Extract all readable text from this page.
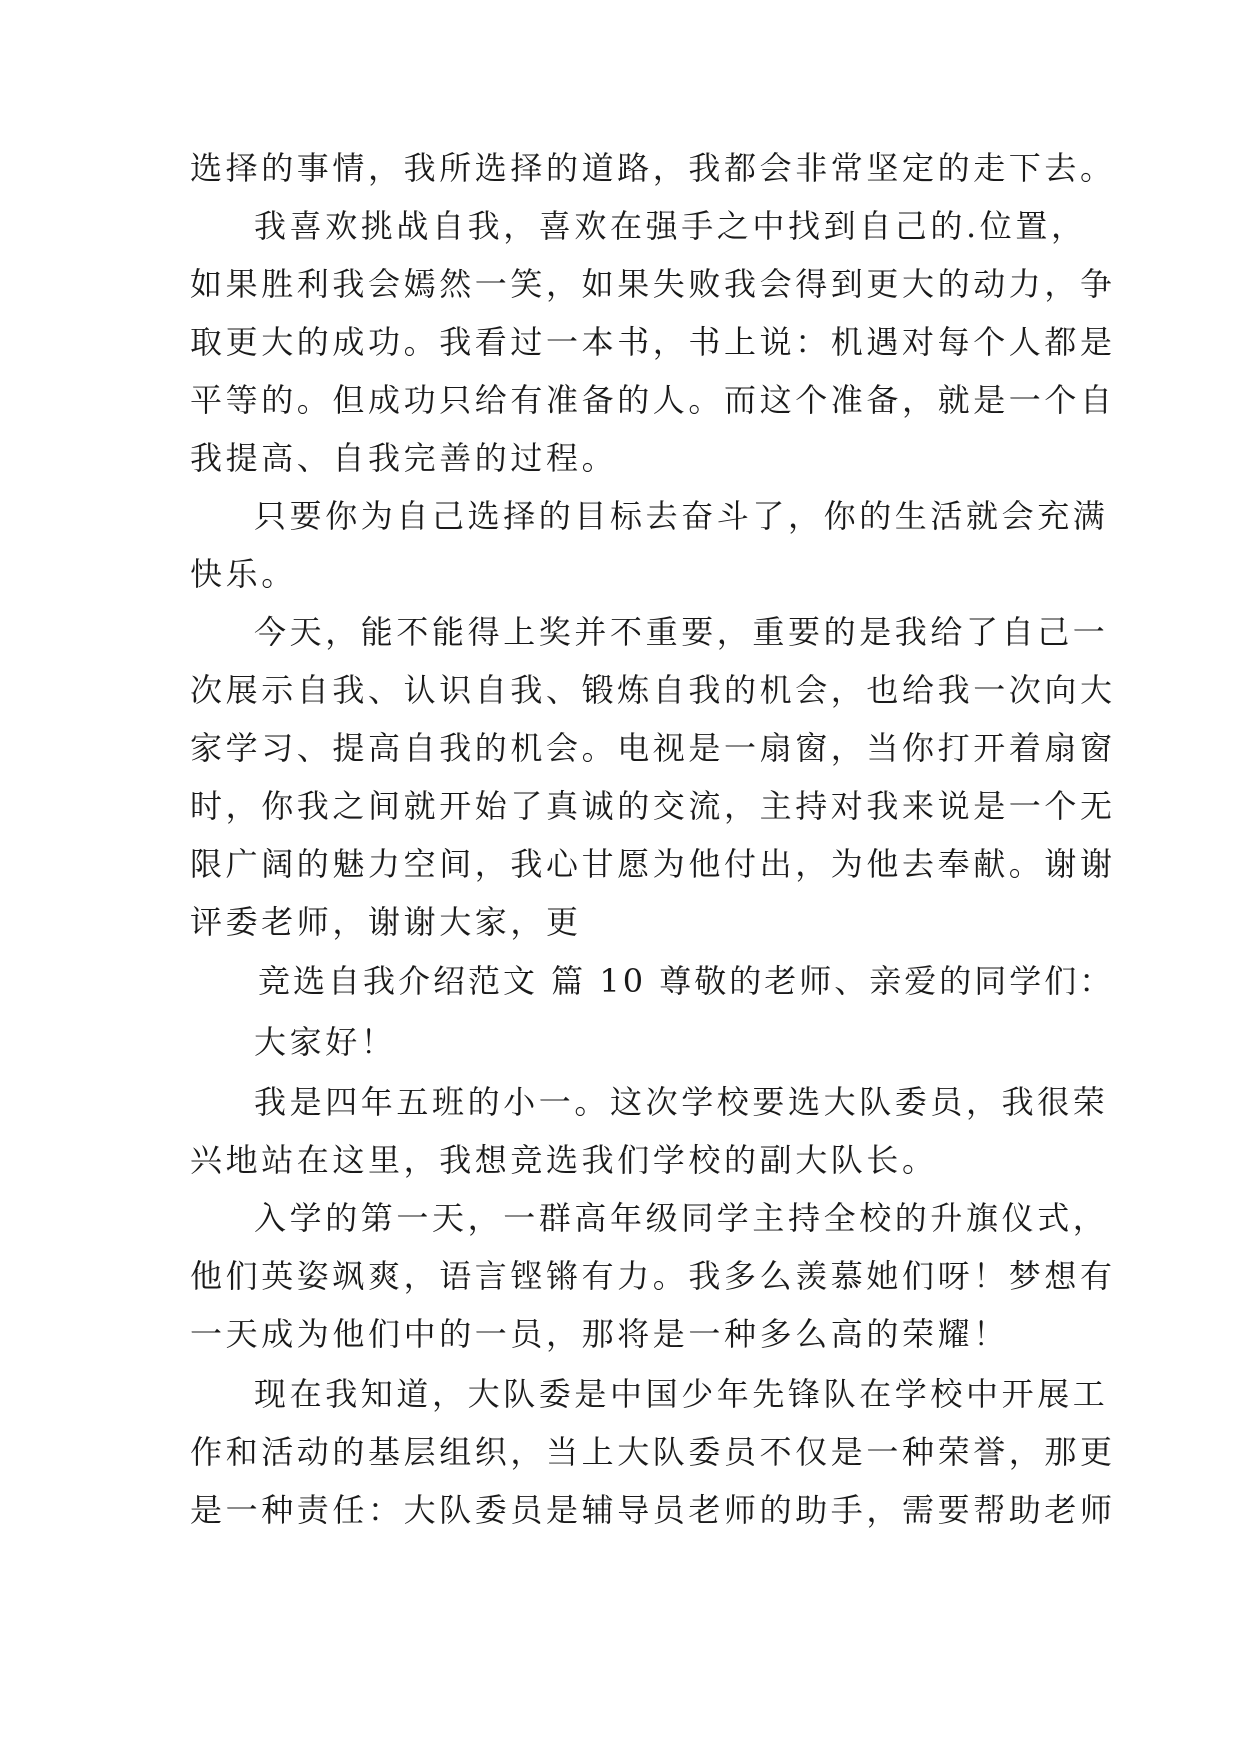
选择的事情，我所选择的道路，我都会非常坚定的走下去。

我喜欢挑战自我，喜欢在强手之中找到自己的.位置，

如果胜利我会嫣然一笑，如果失败我会得到更大的动力，争

取更大的成功。我看过一本书，书上说：机遇对每个人都是

平等的。但成功只给有准备的人。而这个准备，就是一个自

我提高、自我完善的过程。

只要你为自己选择的目标去奋斗了，你的生活就会充满

快乐。

今天，能不能得上奖并不重要，重要的是我给了自己一

次展示自我、认识自我、锻炼自我的机会，也给我一次向大

家学习、提高自我的机会。电视是一扇窗，当你打开着扇窗

时，你我之间就开始了真诚的交流，主持对我来说是一个无

限广阔的魅力空间，我心甘愿为他付出，为他去奉献。谢谢

评委老师，谢谢大家，更

竞选自我介绍范文 篇 10 尊敬的老师、亲爱的同学们：

大家好！

我是四年五班的小一。这次学校要选大队委员，我很荣

兴地站在这里，我想竞选我们学校的副大队长。

入学的第一天，一群高年级同学主持全校的升旗仪式，

他们英姿飒爽，语言铿锵有力。我多么羡慕她们呀！梦想有

一天成为他们中的一员，那将是一种多么高的荣耀！

现在我知道，大队委是中国少年先锋队在学校中开展工

作和活动的基层组织，当上大队委员不仅是一种荣誉，那更

是一种责任：大队委员是辅导员老师的助手，需要帮助老师
